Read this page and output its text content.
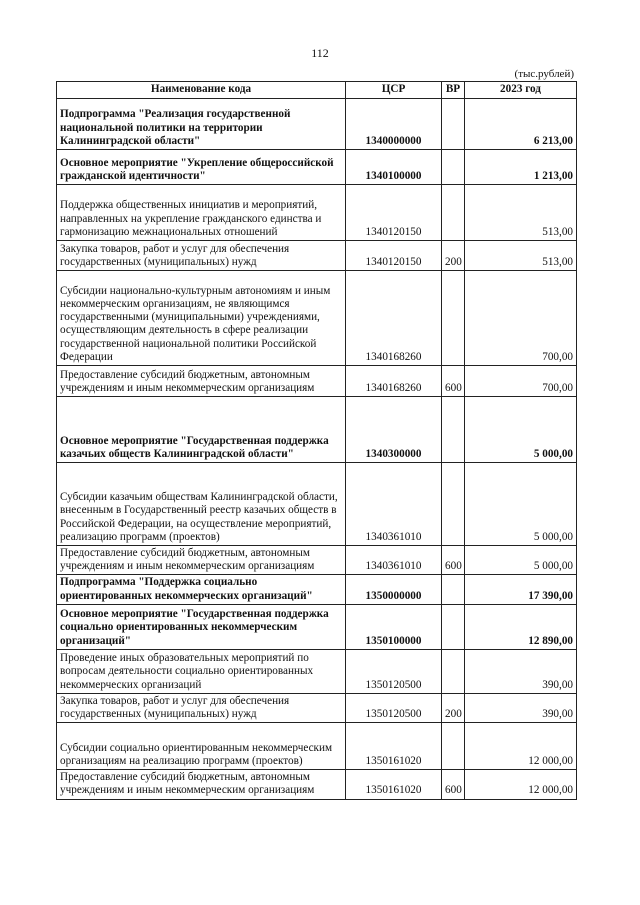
112
(тыс.рублей)
Наименование кода	ЦСР	ВР	2023 год
Подпрограмма "Реализация государственной национальной политики на территории Калининградской области"	1340000000		6 213,00
Основное мероприятие "Укрепление общероссийской гражданской идентичности"	1340100000		1 213,00
Поддержка общественных инициатив и мероприятий, направленных на укрепление гражданского единства и гармонизацию межнациональных отношений	1340120150		513,00
Закупка товаров, работ и услуг для обеспечения государственных (муниципальных) нужд	1340120150	200	513,00
Субсидии национально-культурным автономиям и иным некоммерческим организациям, не являющимся государственными (муниципальными) учреждениями, осуществляющим деятельность в сфере реализации государственной национальной политики Российской Федерации	1340168260		700,00
Предоставление субсидий бюджетным, автономным учреждениям и иным некоммерческим организациям	1340168260	600	700,00
Основное мероприятие "Государственная поддержка казачьих обществ Калининградской области"	1340300000		5 000,00
Субсидии казачьим обществам Калининградской области, внесенным в Государственный реестр казачьих обществ в Российской Федерации, на осуществление мероприятий, реализацию программ (проектов)	1340361010		5 000,00
Предоставление субсидий бюджетным, автономным учреждениям и иным некоммерческим организациям	1340361010	600	5 000,00
Подпрограмма "Поддержка социально ориентированных некоммерческих организаций"	1350000000		17 390,00
Основное мероприятие "Государственная поддержка социально ориентированных некоммерческим организаций"	1350100000		12 890,00
Проведение иных образовательных мероприятий по вопросам деятельности социально ориентированных некоммерческих организаций	1350120500		390,00
Закупка товаров, работ и услуг для обеспечения государственных (муниципальных) нужд	1350120500	200	390,00
Субсидии социально ориентированным некоммерческим организациям на реализацию программ (проектов)	1350161020		12 000,00
Предоставление субсидий бюджетным, автономным учреждениям и иным некоммерческим организациям	1350161020	600	12 000,00
